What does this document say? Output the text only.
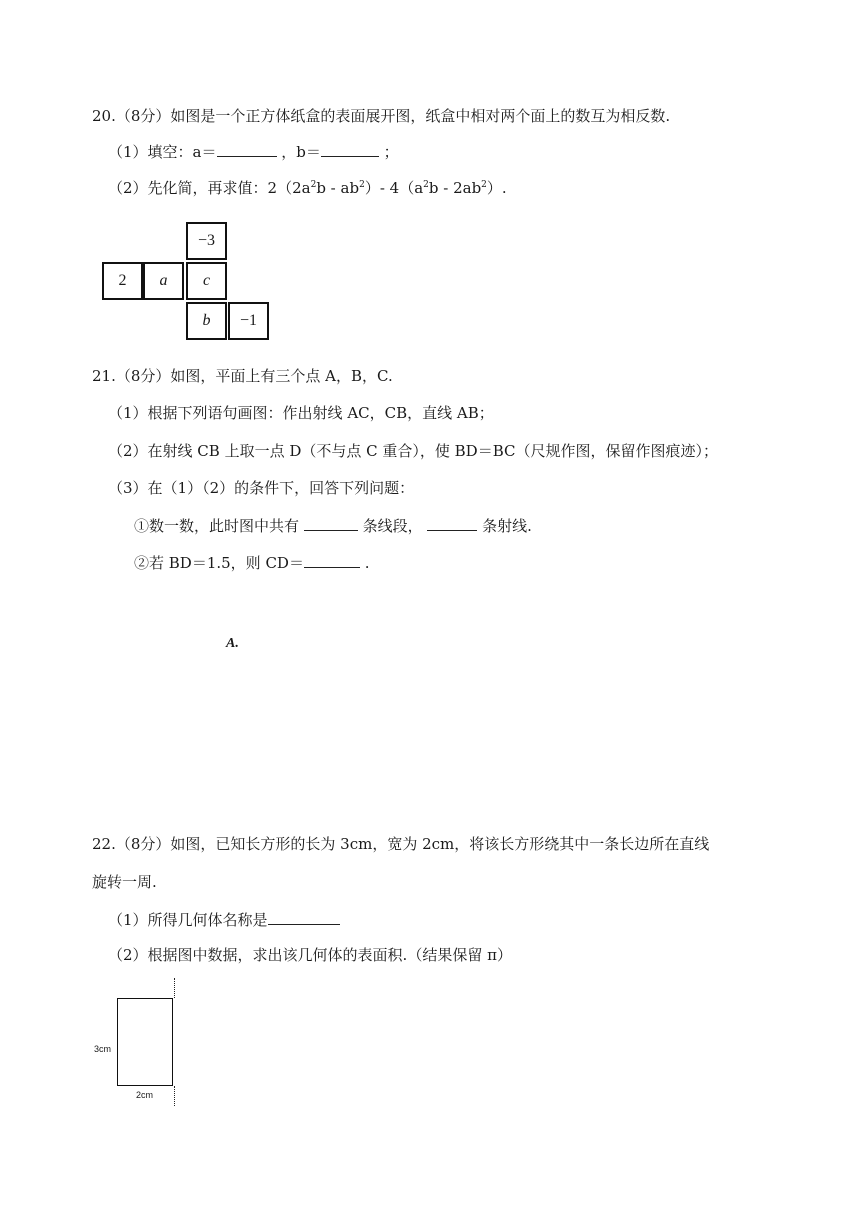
20.（8分）如图是一个正方体纸盒的表面展开图，纸盒中相对两个面上的数互为相反数.
（1）填空：a＝	，b＝	；
（2）先化简，再求值：$2(2a^2b - ab^2)-$ $4(a^2b - 2ab^2)$.
−3
2	a	c
b	−1
21.（8分）如图，平面上有三个点 A，B，C.
（1）根据下列语句画图：作出射线 AC，CB，直线 AB；
（2）在射线 CB 上取一点 D（不与点 C 重合），使 BD＝BC（尺规作图，保留作图痕迹）；
（3）在（1）（2）的条件下，回答下列问题：
①数一数，此时图中共有	条线段，	条射线.
②若 BD＝1.5，则 CD＝	.
A.
22.（8分）如图，已知长方形的长为 3cm，宽为 2cm，将该长方形绕其中一条长边所在直线
旋转一周.
（1）所得几何体名称是
（2）根据图中数据，求出该几何体的表面积.（结果保留 π）
3cm
2cm
